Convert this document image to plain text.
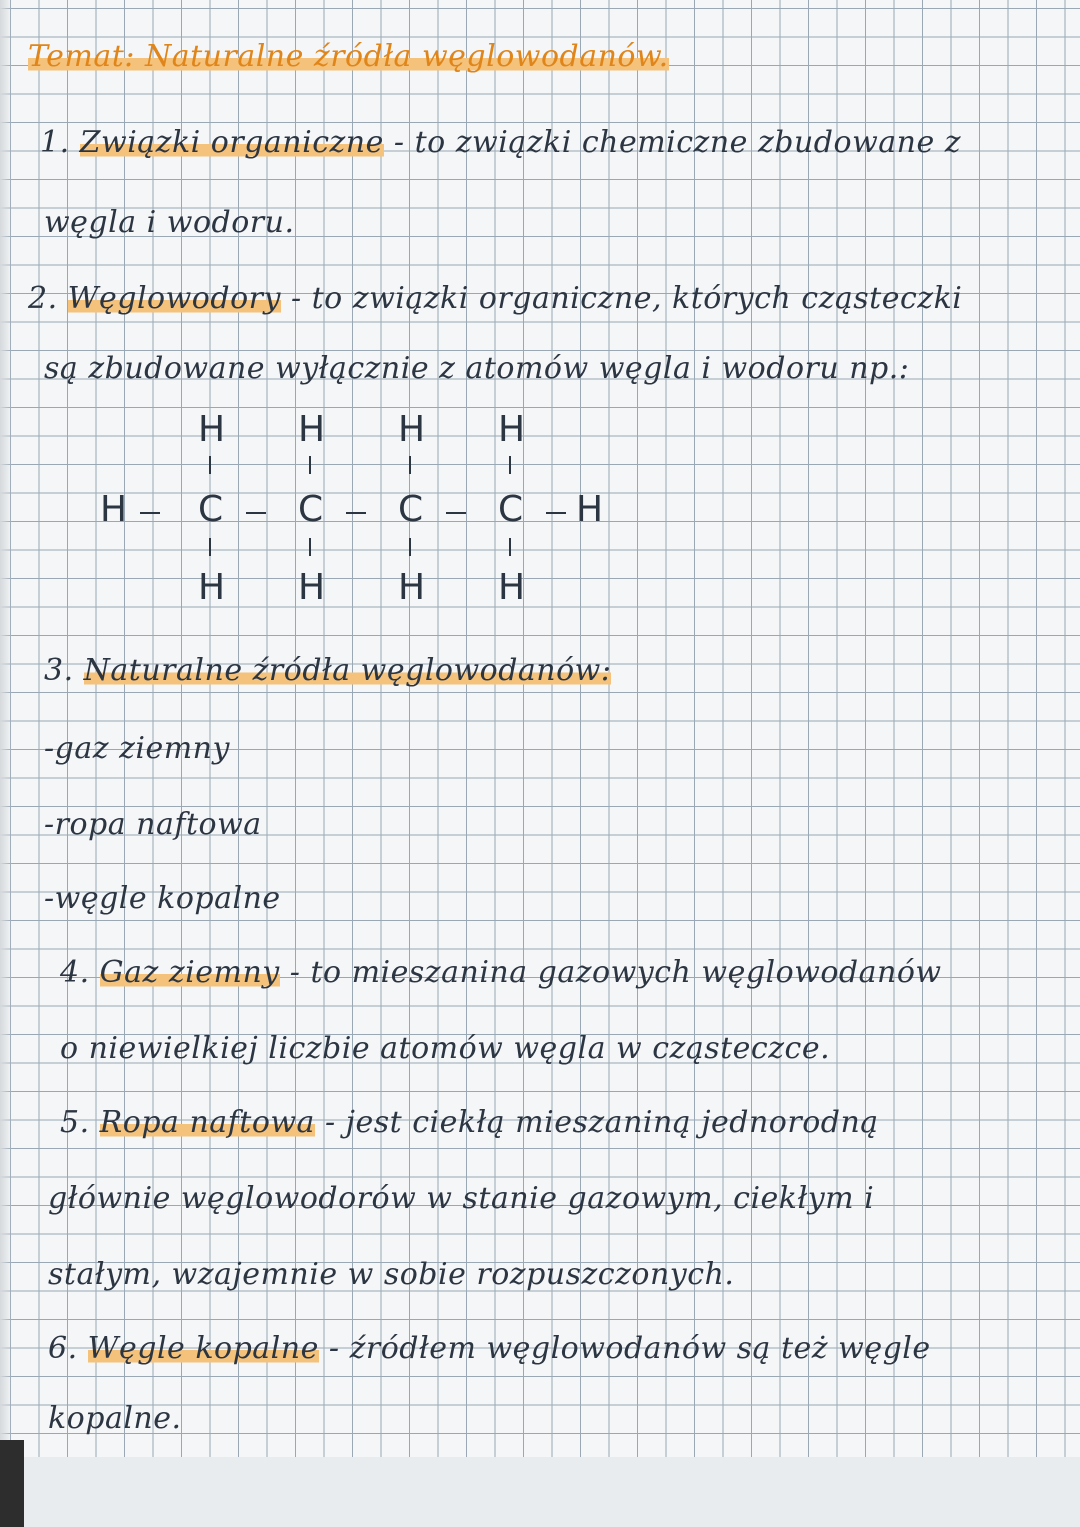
Temat: Naturalne źródła węglowodanów.
1. Związki organiczne - to związki chemiczne zbudowane z
węgla i wodoru.
2. Węglowodory - to związki organiczne, których cząsteczki
są zbudowane wyłącznie z atomów węgla i wodoru np.:
H H H H
H C C C C H
H H H H
3. Naturalne źródła węglowodanów:
-gaz ziemny
-ropa naftowa
-węgle kopalne
4. Gaz ziemny - to mieszanina gazowych węglowodanów
o niewielkiej liczbie atomów węgla w cząsteczce.
5. Ropa naftowa - jest ciekłą mieszaniną jednorodną
głównie węglowodorów w stanie gazowym, ciekłym i
stałym, wzajemnie w sobie rozpuszczonych.
6. Węgle kopalne - źródłem węglowodanów są też węgle
kopalne.
